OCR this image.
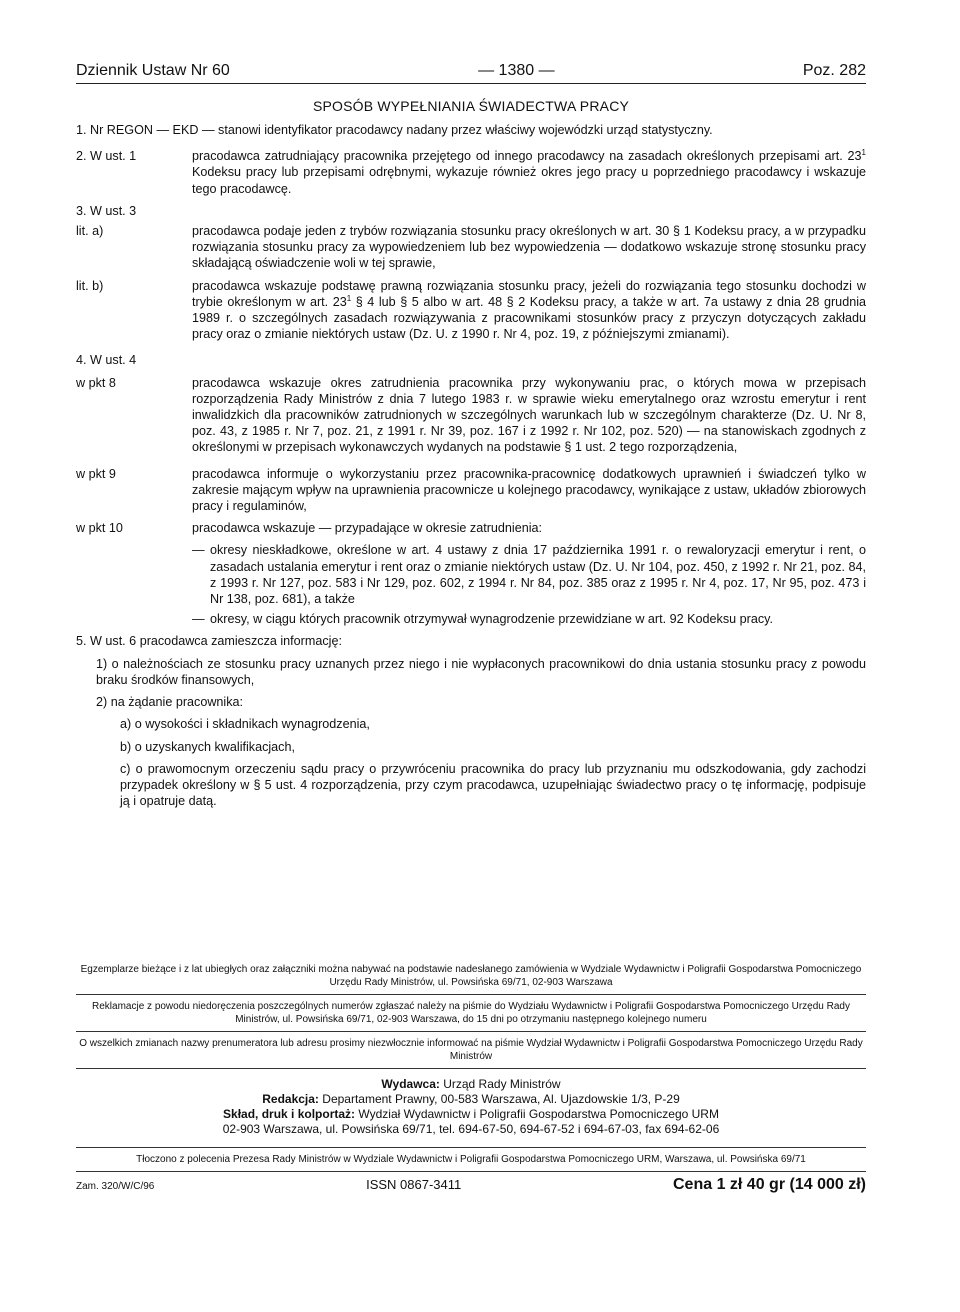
Dziennik Ustaw Nr 60	— 1380 —	Poz. 282
SPOSÓB WYPEŁNIANIA ŚWIADECTWA PRACY

1. Nr REGON — EKD — stanowi identyfikator pracodawcy nadany przez właściwy wojewódzki urząd statystyczny.

2. W ust. 1	pracodawca zatrudniający pracownika przejętego od innego pracodawcy na zasadach określonych przepisami art. $23^1$ Kodeksu pracy lub przepisami odrębnymi, wykazuje również okres jego pracy u poprzedniego pracodawcy i wskazuje tego pracodawcę.
3. W ust. 3
lit. a)	pracodawca podaje jeden z trybów rozwiązania stosunku pracy określonych w art. 30 § 1 Kodeksu pracy, a w przypadku rozwiązania stosunku pracy za wypowiedzeniem lub bez wypowiedzenia — dodatkowo wskazuje stronę stosunku pracy składającą oświadczenie woli w tej sprawie,
lit. b)	pracodawca wskazuje podstawę prawną rozwiązania stosunku pracy, jeżeli do rozwiązania tego stosunku dochodzi w trybie określonym w art. $23^1$ § 4 lub § 5 albo w art. 48 § 2 Kodeksu pracy, a także w art. 7a ustawy z dnia 28 grudnia 1989 r. o szczególnych zasadach rozwiązywania z pracownikami stosunków pracy z przyczyn dotyczących zakładu pracy oraz o zmianie niektórych ustaw (Dz. U. z 1990 r. Nr 4, poz. 19, z późniejszymi zmianami).
4. W ust. 4
w pkt 8	pracodawca wskazuje okres zatrudnienia pracownika przy wykonywaniu prac, o których mowa w przepisach rozporządzenia Rady Ministrów z dnia 7 lutego 1983 r. w sprawie wieku emerytalnego oraz wzrostu emerytur i rent inwalidzkich dla pracowników zatrudnionych w szczególnych warunkach lub w szczególnym charakterze (Dz. U. Nr 8, poz. 43, z 1985 r. Nr 7, poz. 21, z 1991 r. Nr 39, poz. 167 i z 1992 r. Nr 102, poz. 520) — na stanowiskach zgodnych z określonymi w przepisach wykonawczych wydanych na podstawie § 1 ust. 2 tego rozporządzenia,
w pkt 9	pracodawca informuje o wykorzystaniu przez pracownika-pracownicę dodatkowych uprawnień i świadczeń tylko w zakresie mającym wpływ na uprawnienia pracownicze u kolejnego pracodawcy, wynikające z ustaw, układów zbiorowych pracy i regulaminów,
w pkt 10	pracodawca wskazuje — przypadające w okresie zatrudnienia:
— okresy nieskładkowe, określone w art. 4 ustawy z dnia 17 października 1991 r. o rewaloryzacji emerytur i rent, o zasadach ustalania emerytur i rent oraz o zmianie niektórych ustaw (Dz. U. Nr 104, poz. 450, z 1992 r. Nr 21, poz. 84, z 1993 r. Nr 127, poz. 583 i Nr 129, poz. 602, z 1994 r. Nr 84, poz. 385 oraz z 1995 r. Nr 4, poz. 17, Nr 95, poz. 473 i Nr 138, poz. 681), a także
— okresy, w ciągu których pracownik otrzymywał wynagrodzenie przewidziane w art. 92 Kodeksu pracy.
5. W ust. 6 pracodawca zamieszcza informację:
1) o należnościach ze stosunku pracy uznanych przez niego i nie wypłaconych pracownikowi do dnia ustania stosunku pracy z powodu braku środków finansowych,
2) na żądanie pracownika:
a) o wysokości i składnikach wynagrodzenia,
b) o uzyskanych kwalifikacjach,
c) o prawomocnym orzeczeniu sądu pracy o przywróceniu pracownika do pracy lub przyznaniu mu odszkodowania, gdy zachodzi przypadek określony w § 5 ust. 4 rozporządzenia, przy czym pracodawca, uzupełniając świadectwo pracy o tę informację, podpisuje ją i opatruje datą.
Egzemplarze bieżące i z lat ubiegłych oraz załączniki można nabywać na podstawie nadesłanego zamówienia w Wydziale Wydawnictw i Poligrafii Gospodarstwa Pomocniczego Urzędu Rady Ministrów, ul. Powsińska 69/71, 02-903 Warszawa
Reklamacje z powodu niedoręczenia poszczególnych numerów zgłaszać należy na piśmie do Wydziału Wydawnictw i Poligrafii Gospodarstwa Pomocniczego Urzędu Rady Ministrów, ul. Powsińska 69/71, 02-903 Warszawa, do 15 dni po otrzymaniu następnego kolejnego numeru
O wszelkich zmianach nazwy prenumeratora lub adresu prosimy niezwłocznie informować na piśmie Wydział Wydawnictw i Poligrafii Gospodarstwa Pomocniczego Urzędu Rady Ministrów
Wydawca: Urząd Rady Ministrów
Redakcja: Departament Prawny, 00-583 Warszawa, Al. Ujazdowskie 1/3, P-29
Skład, druk i kolportaż: Wydział Wydawnictw i Poligrafii Gospodarstwa Pomocniczego URM
02-903 Warszawa, ul. Powsińska 69/71, tel. 694-67-50, 694-67-52 i 694-67-03, fax 694-62-06
Tłoczono z polecenia Prezesa Rady Ministrów w Wydziale Wydawnictw i Poligrafii Gospodarstwa Pomocniczego URM, Warszawa, ul. Powsińska 69/71
Zam. 320/W/C/96	ISSN 0867-3411	Cena 1 zł 40 gr (14 000 zł)
